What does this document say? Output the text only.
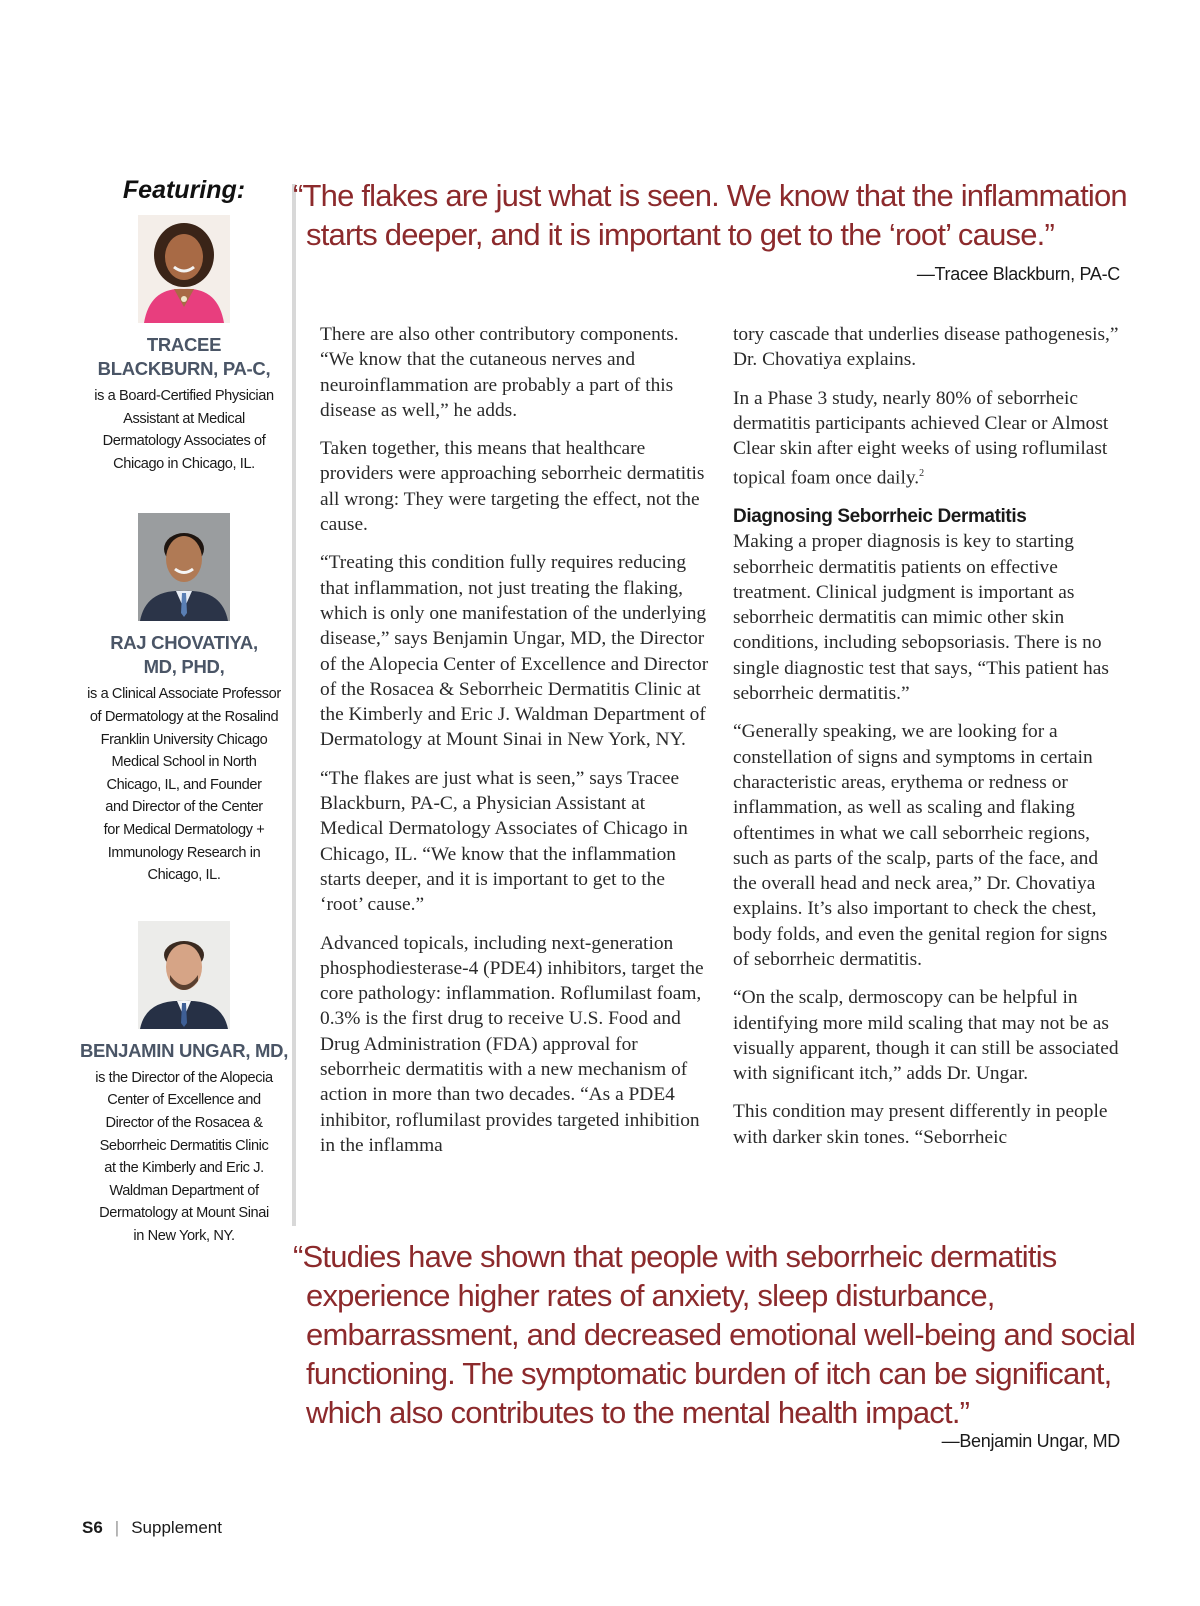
Featuring:
TRACEE
BLACKBURN, PA-C,
is a Board-Certified Physician
Assistant at Medical
Dermatology Associates of
Chicago in Chicago, IL.
RAJ CHOVATIYA,
MD, PHD,
is a Clinical Associate Professor
of Dermatology at the Rosalind
Franklin University Chicago
Medical School in North
Chicago, IL, and Founder
and Director of the Center
for Medical Dermatology +
Immunology Research in
Chicago, IL.
BENJAMIN UNGAR, MD,
is the Director of the Alopecia
Center of Excellence and
Director of the Rosacea &
Seborrheic Dermatitis Clinic
at the Kimberly and Eric J.
Waldman Department of
Dermatology at Mount Sinai
in New York, NY.
“The flakes are just what is seen. We know that the inflammation
starts deeper, and it is important to get to the ‘root’ cause.”
—Tracee Blackburn, PA-C

There are also other contributory components. “We know that the cutaneous nerves and neuroinflammation are probably a part of this disease as well,” he adds.

Taken together, this means that healthcare providers were approaching seborrheic dermatitis all wrong: They were targeting the effect, not the cause.

“Treating this condition fully requires reducing that inflammation, not just treating the flaking, which is only one manifestation of the underlying disease,” says Benjamin Ungar, MD, the Director of the Alopecia Center of Excellence and Director of the Rosacea & Seborrheic Dermatitis Clinic at the Kimberly and Eric J. Waldman Department of Dermatology at Mount Sinai in New York, NY.

“The flakes are just what is seen,” says Tracee Blackburn, PA-C, a Physician Assistant at Medical Dermatology Associates of Chicago in Chicago, IL. “We know that the inflammation starts deeper, and it is important to get to the ‘root’ cause.”

Advanced topicals, including next-generation phosphodiesterase-4 (PDE4) inhibitors, target the core pathology: inflammation. Roflumilast foam, 0.3% is the first drug to receive U.S. Food and Drug Administration (FDA) approval for seborrheic dermatitis with a new mechanism of action in more than two decades. “As a PDE4 inhibitor, roflumilast provides targeted inhibition in the inflamma

tory cascade that underlies disease pathogenesis,” Dr. Chovatiya explains.

In a Phase 3 study, nearly 80% of seborrheic dermatitis participants achieved Clear or Almost Clear skin after eight weeks of using roflumilast topical foam once daily.$^2$

Diagnosing Seborrheic Dermatitis

Making a proper diagnosis is key to starting seborrheic dermatitis patients on effective treatment. Clinical judgment is important as seborrheic dermatitis can mimic other skin conditions, including sebopsoriasis. There is no single diagnostic test that says, “This patient has seborrheic dermatitis.”

“Generally speaking, we are looking for a constellation of signs and symptoms in certain characteristic areas, erythema or redness or inflammation, as well as scaling and flaking oftentimes in what we call seborrheic regions, such as parts of the scalp, parts of the face, and the overall head and neck area,” Dr. Chovatiya explains. It’s also important to check the chest, body folds, and even the genital region for signs of seborrheic dermatitis.

“On the scalp, dermoscopy can be helpful in identifying more mild scaling that may not be as visually apparent, though it can still be associated with significant itch,” adds Dr. Ungar.

This condition may present differently in people with darker skin tones. “Seborrheic

“Studies have shown that people with seborrheic dermatitis
experience higher rates of anxiety, sleep disturbance,
embarrassment, and decreased emotional well-being and social
functioning. The symptomatic burden of itch can be significant,
which also contributes to the mental health impact.”
—Benjamin Ungar, MD
S6 | Supplement
